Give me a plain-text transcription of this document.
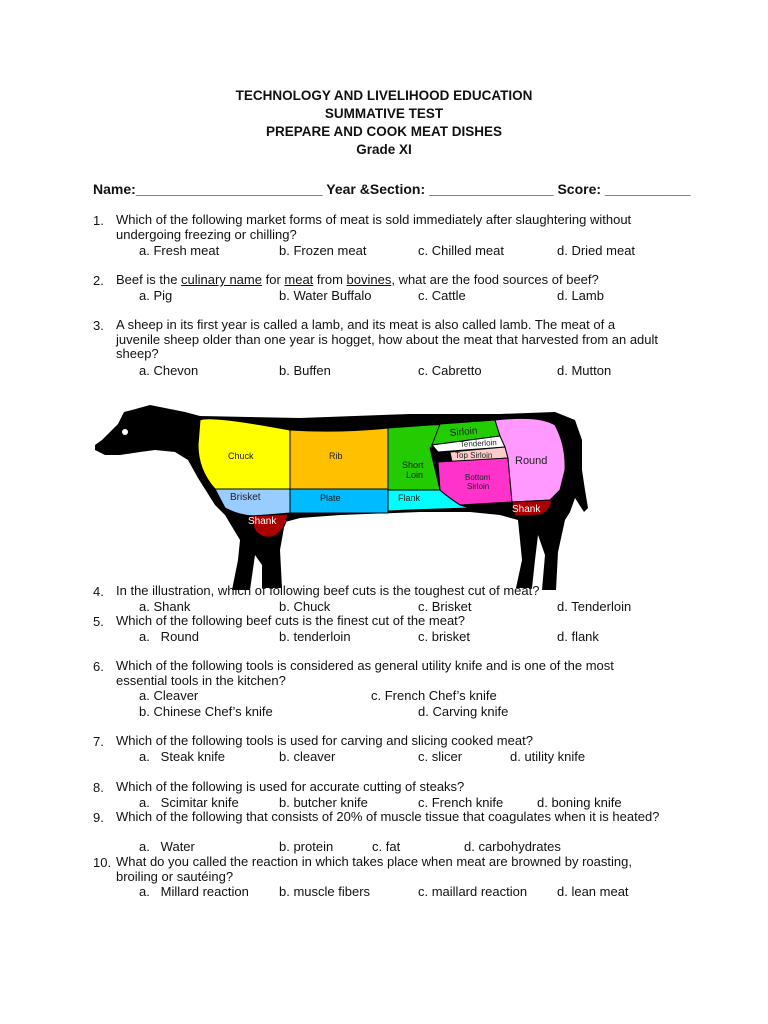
TECHNOLOGY AND LIVELIHOOD EDUCATION
SUMMATIVE TEST
PREPARE AND COOK MEAT DISHES
Grade XI
Name:________________________ Year &Section: ________________ Score: ___________
1. Which of the following market forms of meat is sold immediately after slaughtering without undergoing freezing or chilling?
a. Fresh meat	b. Frozen meat	c. Chilled meat	d. Dried meat
2. Beef is the culinary name for meat from bovines, what are the food sources of beef?
a. Pig	b. Water Buffalo	c. Cattle	d. Lamb
3. A sheep in its first year is called a lamb, and its meat is also called lamb. The meat of a juvenile sheep older than one year is hogget, how about the meat that harvested from an adult sheep?
a. Chevon	b. Buffen	c. Cabretto	d. Mutton
Chuck	Rib
Short
Loin
Sirloin
Tenderloin
Top Sirloin
Bottom
Sirloin
Round
Brisket	Plate	Flank
Shank
Shank
4. In the illustration, which of following beef cuts is the toughest cut of meat?
a. Shank	b. Chuck	c. Brisket	d. Tenderloin
5. Which of the following beef cuts is the finest cut of the meat?
a.   Round	b. tenderloin	c. brisket	d. flank
6. Which of the following tools is considered as general utility knife and is one of the most essential tools in the kitchen?
a. Cleaver	c. French Chef’s knife
b. Chinese Chef’s knife	d. Carving knife
7. Which of the following tools is used for carving and slicing cooked meat?
a.   Steak knife	b. cleaver	c. slicer	d. utility knife
8. Which of the following is used for accurate cutting of steaks?
a.   Scimitar knife	b. butcher knife	c. French knife	d. boning knife
9. Which of the following that consists of 20% of muscle tissue that coagulates when it is heated?
a.   Water	b. protein	c. fat	d. carbohydrates
10. What do you called the reaction in which takes place when meat are browned by roasting, broiling or sautéing?
a.   Millard reaction b. muscle fibers	c. maillard reaction d. lean meat
